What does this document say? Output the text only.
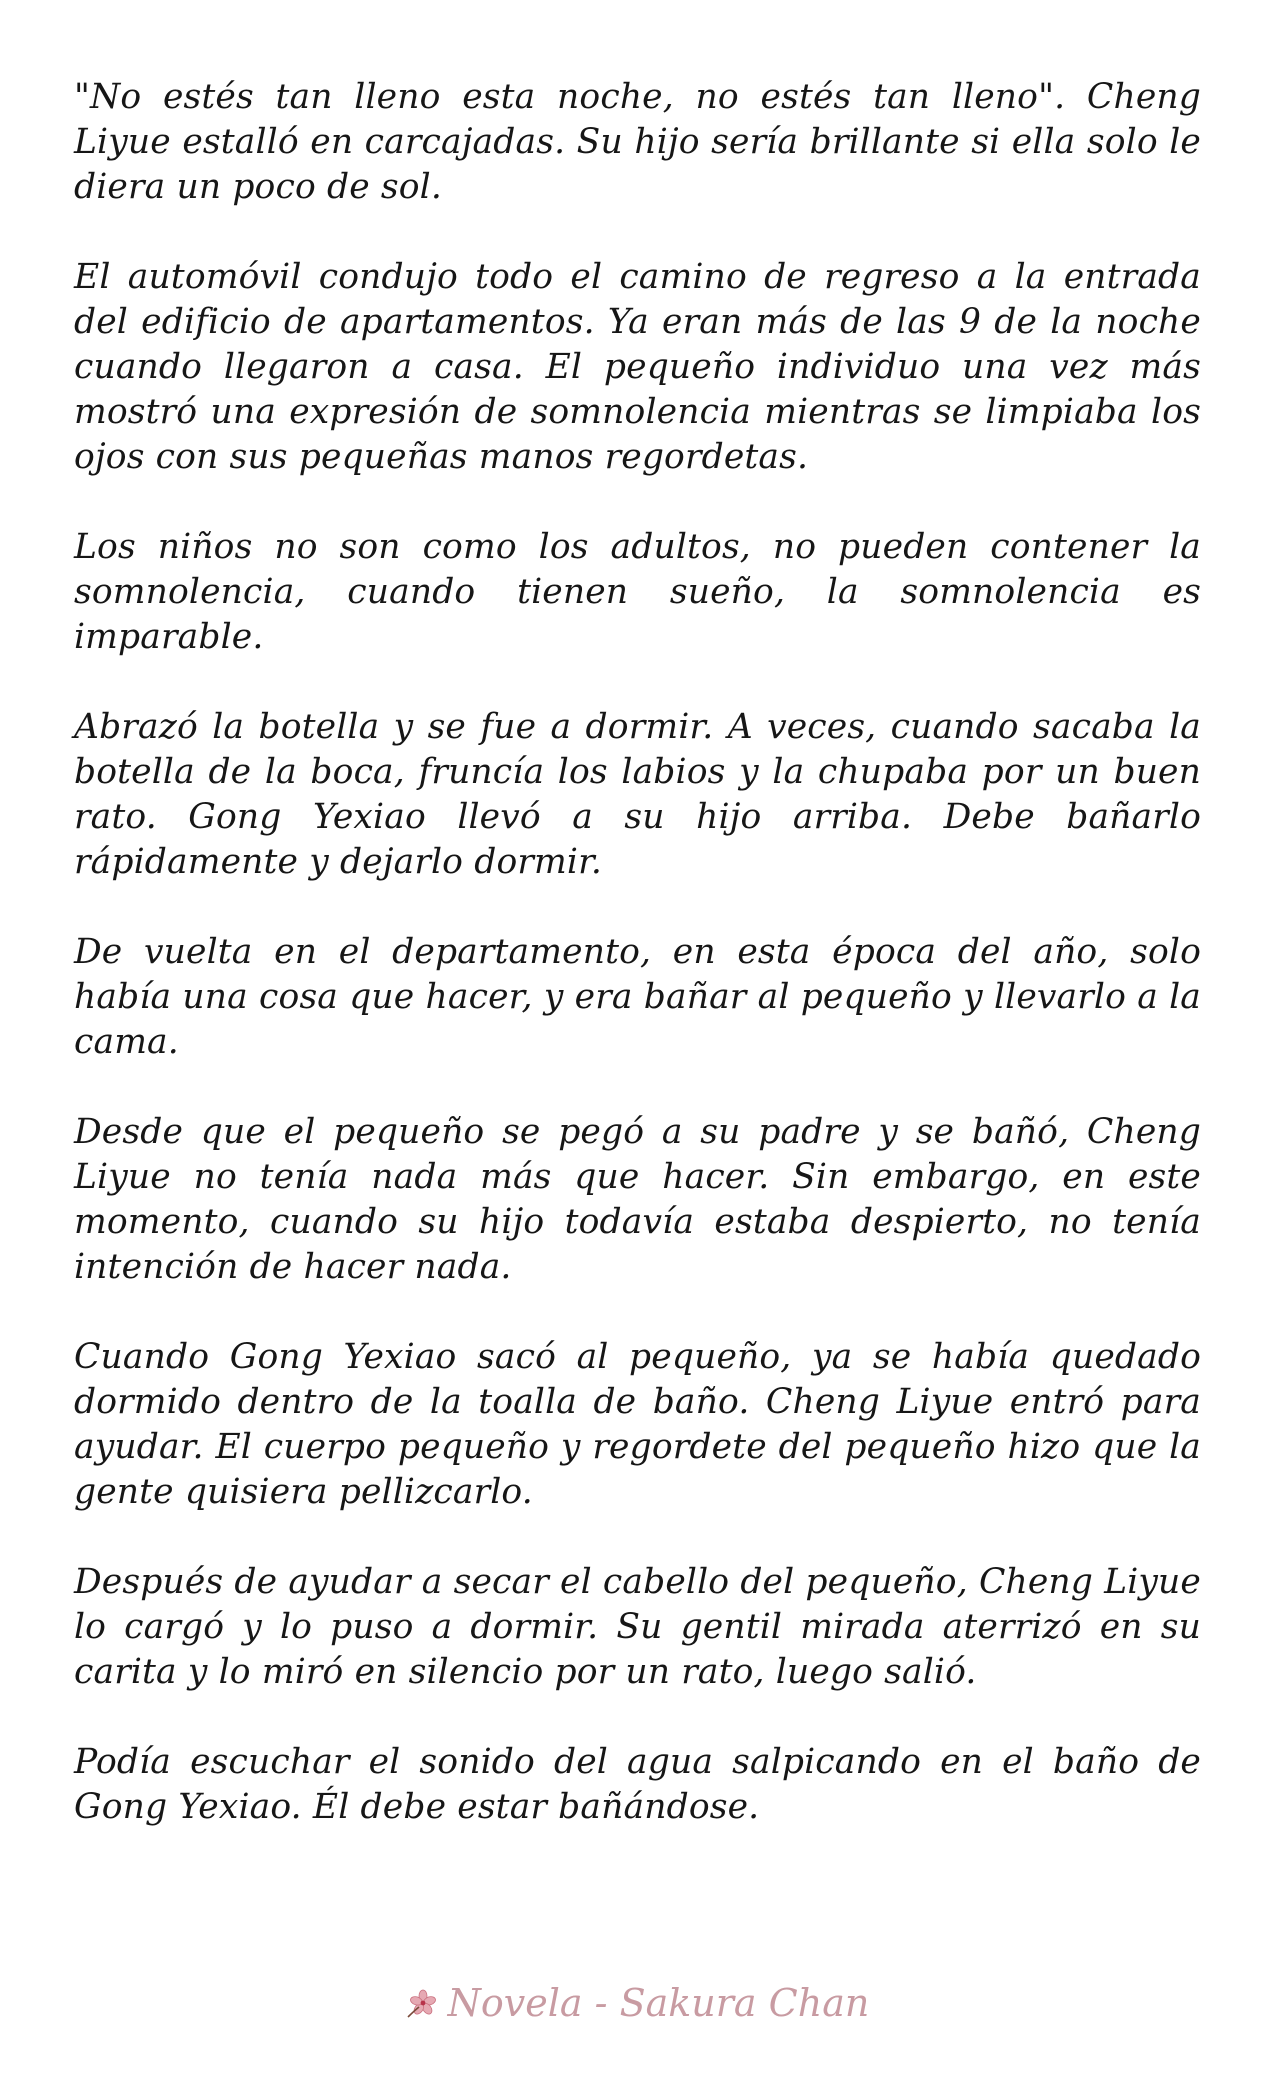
"No estés tan lleno esta noche, no estés tan lleno". Cheng Liyue estalló en carcajadas. Su hijo sería brillante si ella solo le diera un poco de sol.

El automóvil condujo todo el camino de regreso a la entrada del edificio de apartamentos. Ya eran más de las 9 de la noche cuando llegaron a casa. El pequeño individuo una vez más mostró una expresión de somnolencia mientras se limpiaba los ojos con sus pequeñas manos regordetas.

Los niños no son como los adultos, no pueden contener la somnolencia, cuando tienen sueño, la somnolencia es imparable.

Abrazó la botella y se fue a dormir. A veces, cuando sacaba la botella de la boca, fruncía los labios y la chupaba por un buen rato. Gong Yexiao llevó a su hijo arriba. Debe bañarlo rápidamente y dejarlo dormir.

De vuelta en el departamento, en esta época del año, solo había una cosa que hacer, y era bañar al pequeño y llevarlo a la cama.

Desde que el pequeño se pegó a su padre y se bañó, Cheng Liyue no tenía nada más que hacer. Sin embargo, en este momento, cuando su hijo todavía estaba despierto, no tenía intención de hacer nada.

Cuando Gong Yexiao sacó al pequeño, ya se había quedado dormido dentro de la toalla de baño. Cheng Liyue entró para ayudar. El cuerpo pequeño y regordete del pequeño hizo que la gente quisiera pellizcarlo.

Después de ayudar a secar el cabello del pequeño, Cheng Liyue lo cargó y lo puso a dormir. Su gentil mirada aterrizó en su carita y lo miró en silencio por un rato, luego salió.

Podía escuchar el sonido del agua salpicando en el baño de Gong Yexiao. Él debe estar bañándose.

Novela - Sakura Chan
